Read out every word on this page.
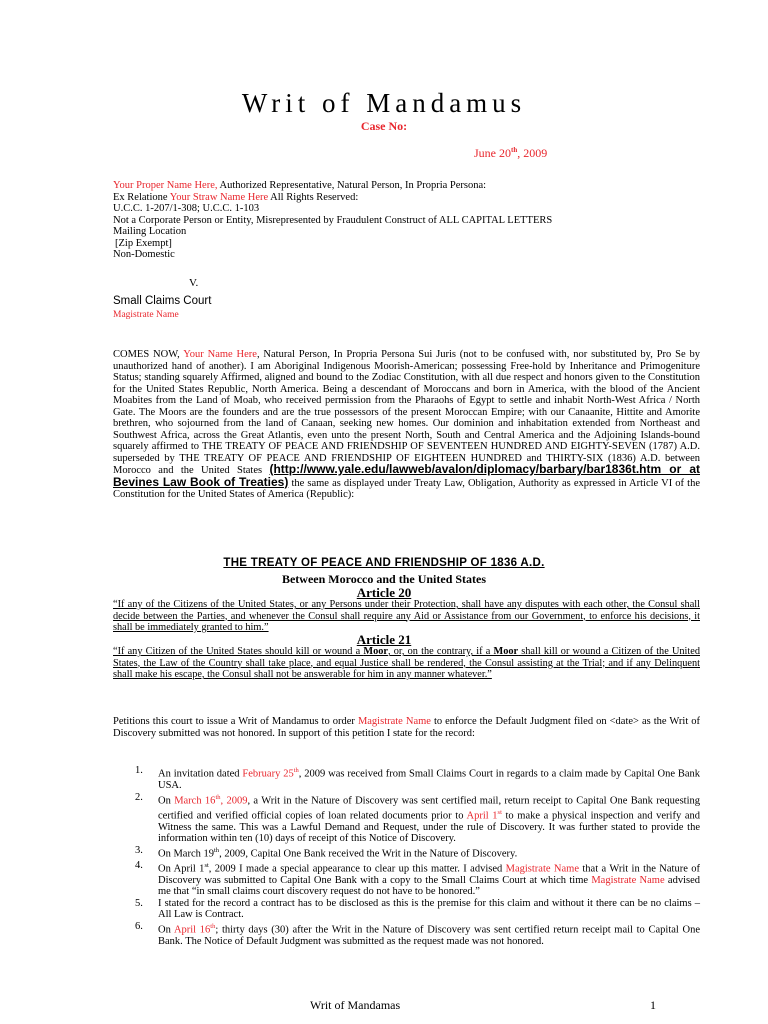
Writ of Mandamus
Case No:
June 20th, 2009
Your Proper Name Here, Authorized Representative, Natural Person, In Propria Persona:
Ex Relatione Your Straw Name Here All Rights Reserved:
U.C.C. 1-207/1-308; U.C.C. 1-103
Not a Corporate Person or Entity, Misrepresented by Fraudulent Construct of ALL CAPITAL LETTERS
Mailing Location
[Zip Exempt]
Non-Domestic
V.
Small Claims Court
Magistrate Name
COMES NOW, Your Name Here, Natural Person, In Propria Persona Sui Juris (not to be confused with, nor substituted by, Pro Se by unauthorized hand of another). I am Aboriginal Indigenous Moorish-American; possessing Free-hold by Inheritance and Primogeniture Status; standing squarely Affirmed, aligned and bound to the Zodiac Constitution, with all due respect and honors given to the Constitution for the United States Republic, North America. Being a descendant of Moroccans and born in America, with the blood of the Ancient Moabites from the Land of Moab, who received permission from the Pharaohs of Egypt to settle and inhabit North-West Africa / North Gate. The Moors are the founders and are the true possessors of the present Moroccan Empire; with our Canaanite, Hittite and Amorite brethren, who sojourned from the land of Canaan, seeking new homes. Our dominion and inhabitation extended from Northeast and Southwest Africa, across the Great Atlantis, even unto the present North, South and Central America and the Adjoining Islands-bound squarely affirmed to THE TREATY OF PEACE AND FRIENDSHIP OF SEVENTEEN HUNDRED AND EIGHTY-SEVEN (1787) A.D. superseded by THE TREATY OF PEACE AND FRIENDSHIP OF EIGHTEEN HUNDRED and THIRTY-SIX (1836) A.D. between Morocco and the United States (http://www.yale.edu/lawweb/avalon/diplomacy/barbary/bar1836t.htm or at Bevines Law Book of Treaties) the same as displayed under Treaty Law, Obligation, Authority as expressed in Article VI of the Constitution for the United States of America (Republic):
THE TREATY OF PEACE AND FRIENDSHIP OF 1836 A.D.
Between Morocco and the United States
Article 20
“If any of the Citizens of the United States, or any Persons under their Protection, shall have any disputes with each other, the Consul shall decide between the Parties, and whenever the Consul shall require any Aid or Assistance from our Government, to enforce his decisions, it shall be immediately granted to him.”
Article 21
“If any Citizen of the United States should kill or wound a Moor, or, on the contrary, if a Moor shall kill or wound a Citizen of the United States, the Law of the Country shall take place, and equal Justice shall be rendered, the Consul assisting at the Trial; and if any Delinquent shall make his escape, the Consul shall not be answerable for him in any manner whatever.”
Petitions this court to issue a Writ of Mandamus to order Magistrate Name to enforce the Default Judgment filed on <date> as the Writ of Discovery submitted was not honored. In support of this petition I state for the record:
1. An invitation dated February 25th, 2009 was received from Small Claims Court in regards to a claim made by Capital One Bank USA.
2. On March 16th, 2009, a Writ in the Nature of Discovery was sent certified mail, return receipt to Capital One Bank requesting certified and verified official copies of loan related documents prior to April 1st to make a physical inspection and verify and Witness the same. This was a Lawful Demand and Request, under the rule of Discovery. It was further stated to provide the information within ten (10) days of receipt of this Notice of Discovery.
3. On March 19th, 2009, Capital One Bank received the Writ in the Nature of Discovery.
4. On April 1st, 2009 I made a special appearance to clear up this matter. I advised Magistrate Name that a Writ in the Nature of Discovery was submitted to Capital One Bank with a copy to the Small Claims Court at which time Magistrate Name advised me that “in small claims court discovery request do not have to be honored.”
5. I stated for the record a contract has to be disclosed as this is the premise for this claim and without it there can be no claims – All Law is Contract.
6. On April 16th; thirty days (30) after the Writ in the Nature of Discovery was sent certified return receipt mail to Capital One Bank. The Notice of Default Judgment was submitted as the request made was not honored.
Writ of Mandamas	1
